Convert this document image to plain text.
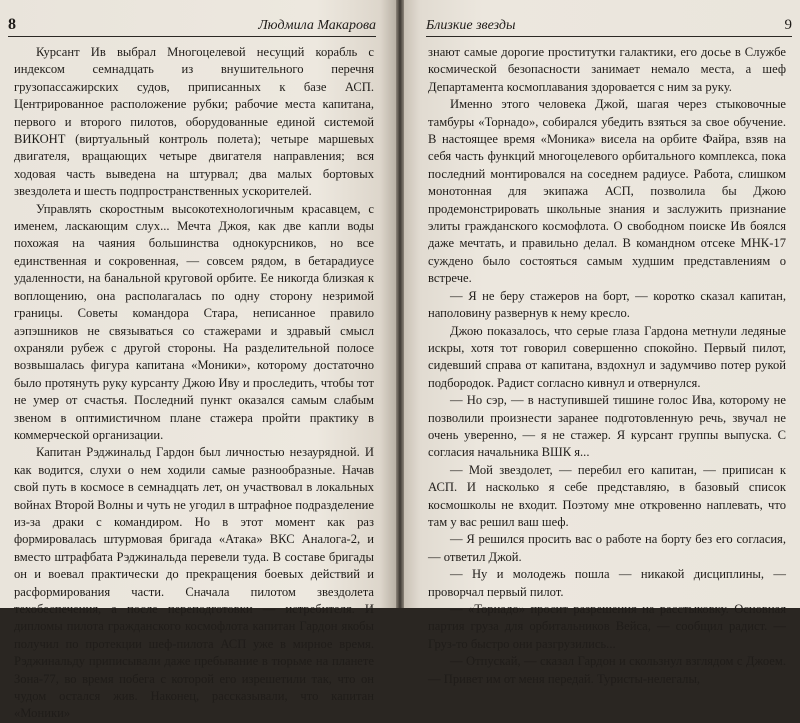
8	Людмила Макарова

Курсант Ив выбрал Многоцелевой несущий корабль с индексом семнадцать из внушительного перечня грузопассажирских судов, приписанных к базе АСП. Центрированное расположение рубки; рабочие места капитана, первого и второго пилотов, оборудованные единой системой ВИКОНТ (виртуальный контроль полета); четыре маршевых двигателя, вращающих четыре двигателя направления; вся ходовая часть выведена на штурвал; два малых бортовых звездолета и шесть подпространственных ускорителей.

Управлять скоростным высокотехнологичным красавцем, с именем, ласкающим слух... Мечта Джоя, как две капли воды похожая на чаяния большинства однокурсников, но все единственная и сокровенная, — совсем рядом, в бетарадиусе удаленности, на банальной круговой орбите. Ее никогда близкая к воплощению, она располагалась по одну сторону незримой границы. Советы командора Стара, непиcанное правило аэпэшников не связываться со стажерами и здравый смысл охраняли рубеж с другой стороны. На разделительной полосе возвышалась фигура капитана «Моники», которому достаточно было протянуть руку курсанту Джою Иву и проследить, чтобы тот не умер от счастья. Последний пункт оказался самым слабым звеном в оптимистичном плане стажера пройти практику в коммерческой организации.

Капитан Рэджинальд Гардон был личностью незаурядной. И как водится, слухи о нем ходили самые разнообразные. Начав свой путь в космосе в семнадцать лет, он участвовал в локальных войнах Второй Волны и чуть не угодил в штрафное подразделение из-за драки с командиром. Но в этот момент как раз формировалась штурмовая бригада «Атака» ВКС Аналога-2, и вместо штрафбата Рэджинальда перевели туда. В составе бригады он и воевал практически до прекращения боевых действий и расформирования части. Сначала пилотом звездолета техобеспечения, а после переподготовки — истребителя. И дипломы пилота гражданского космофлота капитан Гардон якобы получил по протекции шеф-пилота АСП уже в мирное время. Рэджинальду приписывали даже пребывание в тюрьме на планете Зона-77, во время побега с которой его изрешетили так, что он чудом остался жив. Наконец, рассказывали, что капитан «Моники»

Близкие звезды	9

знают самые дорогие проститутки галактики, его досье в Службе космической безопасности занимает немало места, а шеф Департамента космоплавания здоровается с ним за руку.

Именно этого человека Джой, шагая через стыковочные тамбуры «Торнадо», собирался убедить взяться за свое обучение. В настоящее время «Моника» висела на орбите Файра, взяв на себя часть функций многоцелевого орбитального комплекса, пока последний монтировался на соседнем радиусе. Работа, слишком монотонная для экипажа АСП, позволила бы Джою продемонстрировать школьные знания и заслужить признание элиты гражданского космофлота. О свободном поиске Ив боялся даже мечтать, и правильно делал. В командном отсеке МНК-17 суждено было состояться самым худшим представлениям о встрече.

— Я не беру стажеров на борт, — коротко сказал капитан, наполовину развернув к нему кресло.

Джою показалось, что серые глаза Гардона метнули ледяные искры, хотя тот говорил совершенно спокойно. Первый пилот, сидевший справа от капитана, вздохнул и задумчиво потер рукой подбородок. Радист согласно кивнул и отвернулся.

— Но сэр, — в наступившей тишине голос Ива, которому не позволили произнести заранее подготовленную речь, звучал не очень уверенно, — я не стажер. Я курсант группы выпуска. С согласия начальника ВШК я...

— Мой звездолет, — перебил его капитан, — приписан к АСП. И насколько я себе представляю, в базовый список космошколы не входит. Поэтому мне откровенно наплевать, что там у вас решил ваш шеф.

— Я решился просить вас о работе на борту без его согласия, — ответил Джой.

— Ну и молодежь пошла — никакой дисциплины, — проворчал первый пилот.

— «Торнадо» просит разрешения на расстыковку. Основная партия груза для орбитальников Вейса, — сообщил радист. — Груз-то быстро они разгрузились...

— Отпускай, — сказал Гардон и скользнул взглядом с Джоем. — Привет им от меня передай. Туристы-нелегалы,
